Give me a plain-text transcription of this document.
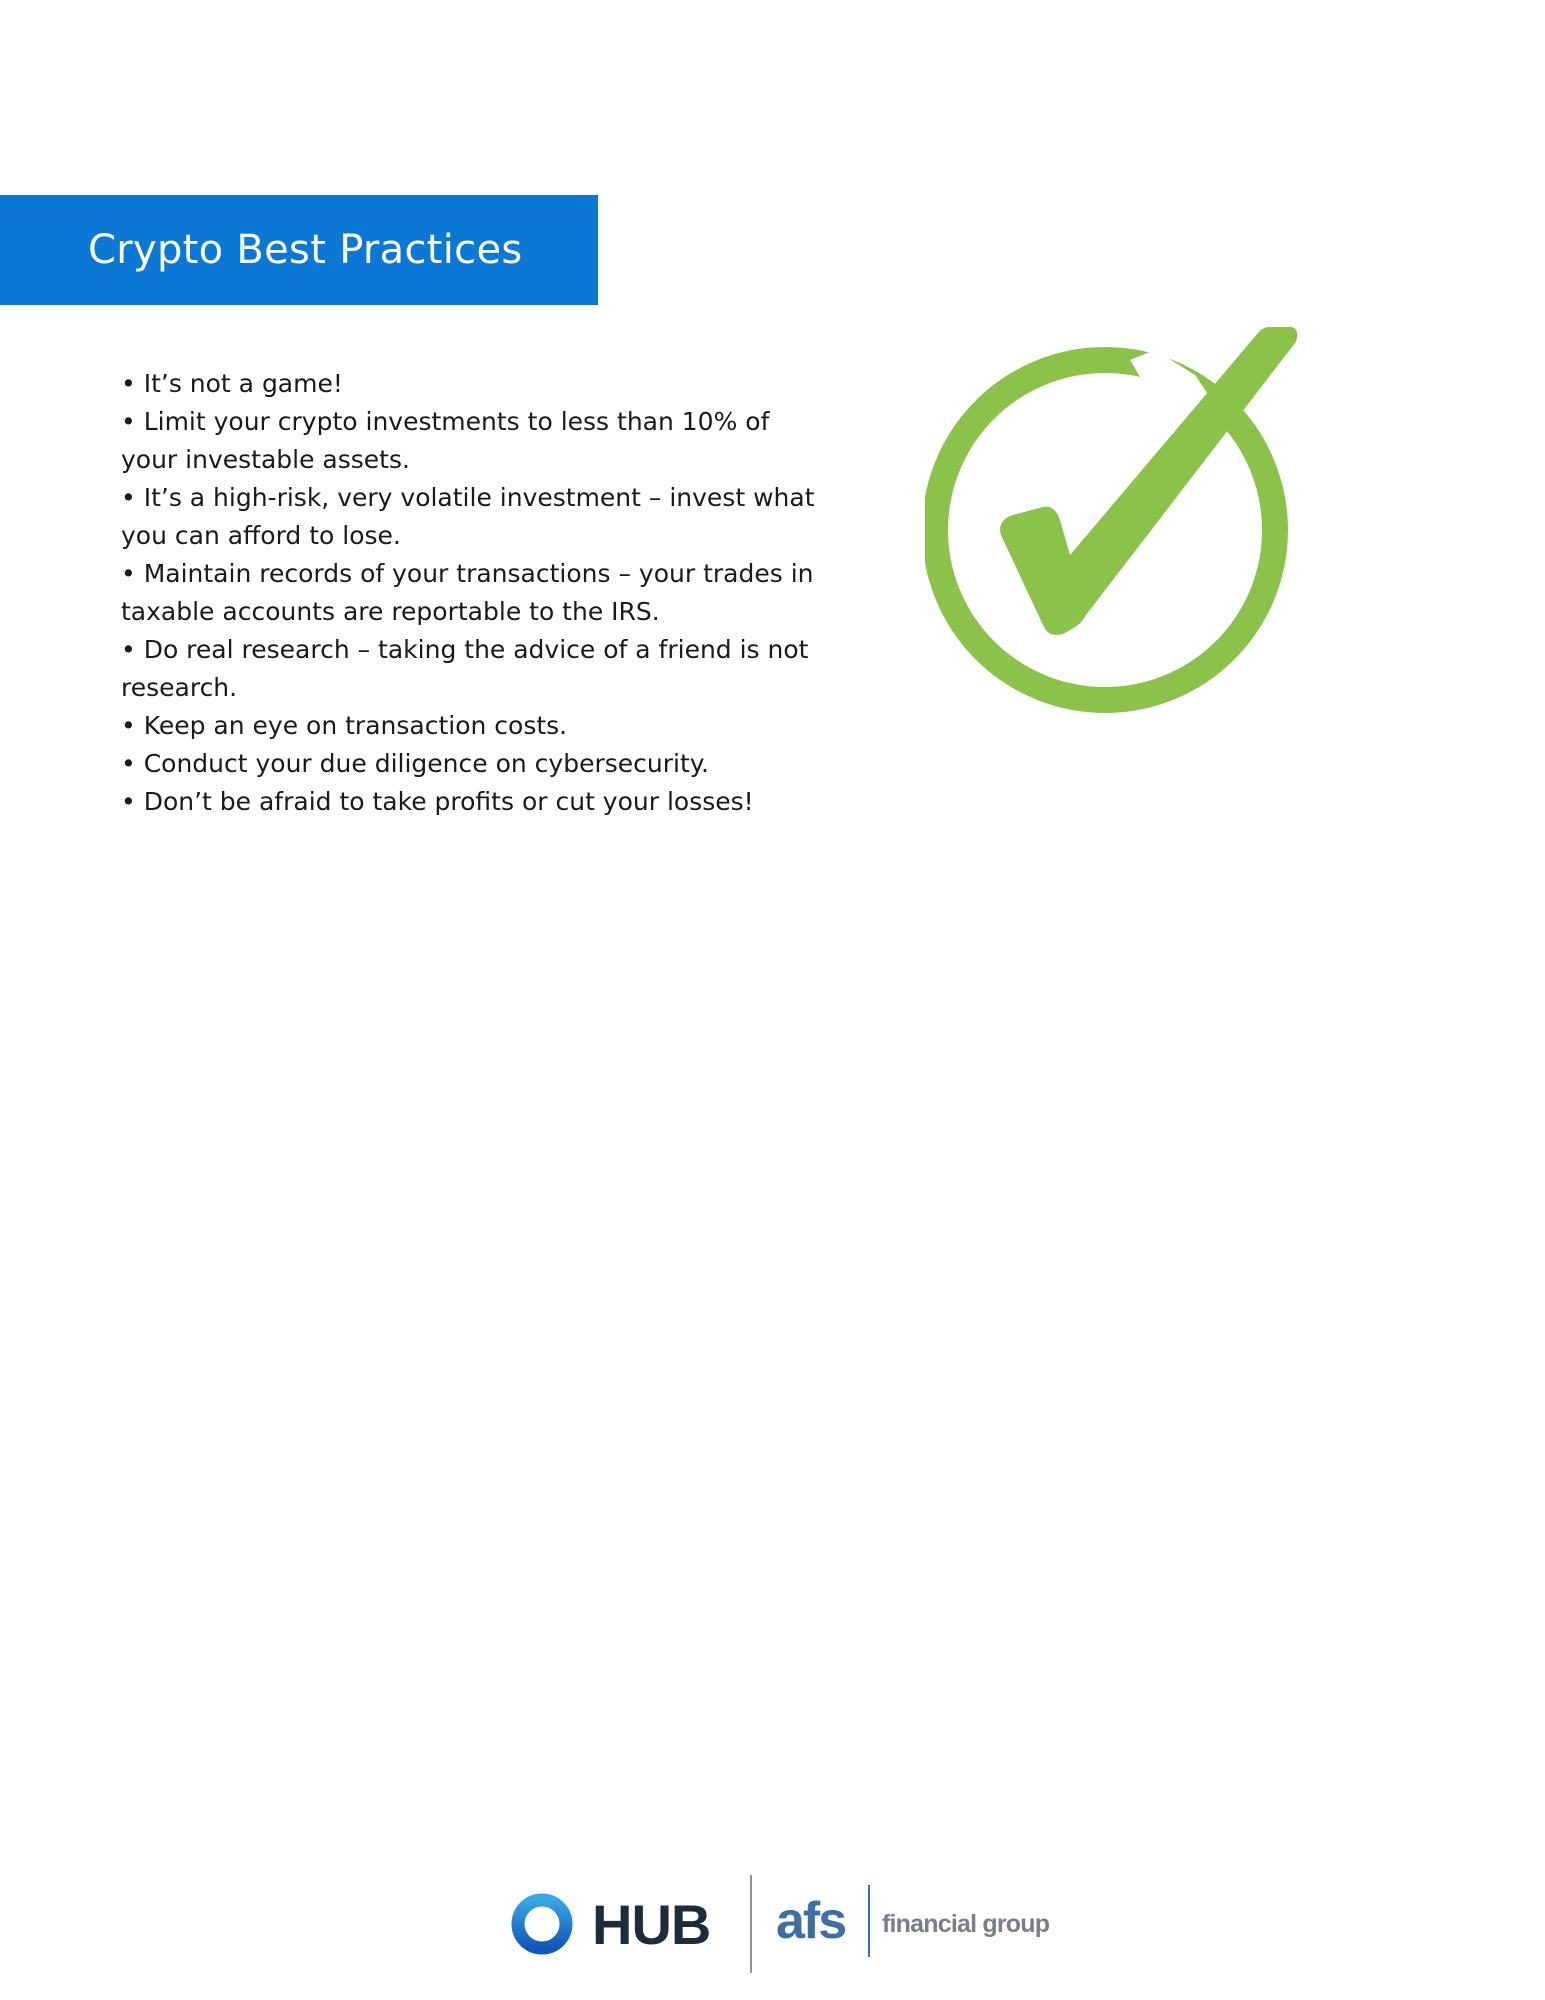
Crypto Best Practices
• It’s not a game!
• Limit your crypto investments to less than 10% of your investable assets.
• It’s a high-risk, very volatile investment – invest what you can afford to lose.
• Maintain records of your transactions – your trades in taxable accounts are reportable to the IRS.
• Do real research – taking the advice of a friend is not research.
• Keep an eye on transaction costs.
• Conduct your due diligence on cybersecurity.
• Don’t be afraid to take profits or cut your losses!
HUB afs financial group
